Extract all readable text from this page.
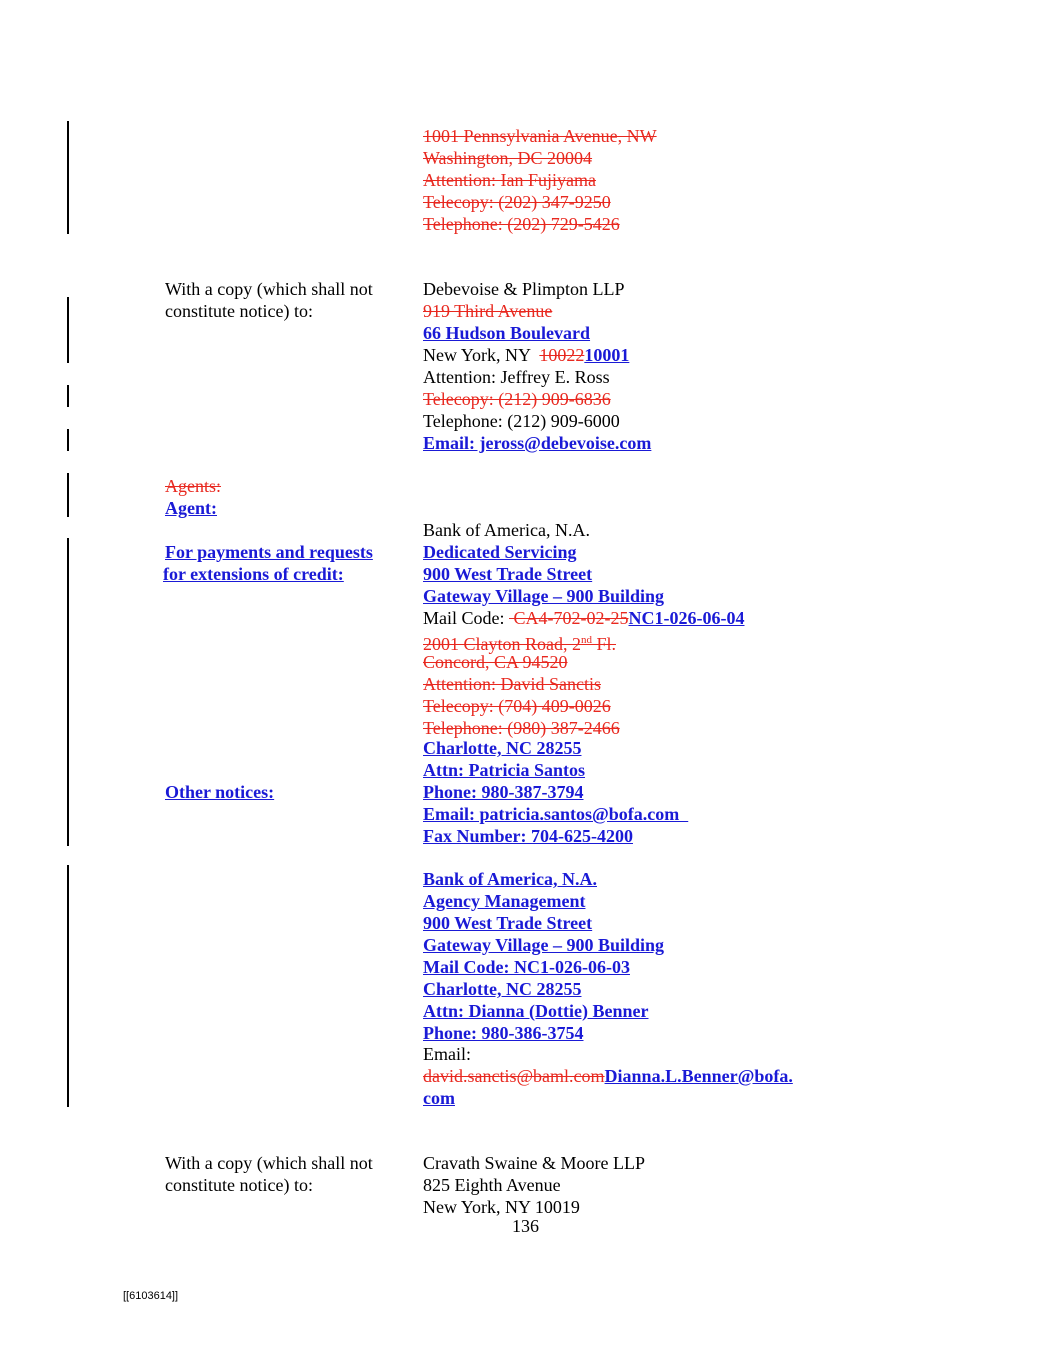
1001 Pennsylvania Avenue, NW
Washington, DC 20004
Attention: Ian Fujiyama
Telecopy: (202) 347-9250
Telephone: (202) 729-5426
With a copy (which shall not
constitute notice) to:
Debevoise & Plimpton LLP
919 Third Avenue
66 Hudson Boulevard
New York, NY  1002210001
Attention: Jeffrey E. Ross
Telecopy: (212) 909-6836
Telephone: (212) 909-6000
Email: jeross@debevoise.com
Agents:
Agent:
Bank of America, N.A.
For payments and requests
for extensions of credit:
Dedicated Servicing
900 West Trade Street
Gateway Village – 900 Building
Mail Code:  CA4-702-02-25NC1-026-06-04
2001 Clayton Road, 2nd Fl.
Concord, CA 94520
Attention: David Sanctis
Telecopy: (704) 409-0026
Telephone: (980) 387-2466
Charlotte, NC 28255
Attn: Patricia Santos
Other notices:	Phone: 980-387-3794
Email: patricia.santos@bofa.com
Fax Number: 704-625-4200
Bank of America, N.A.
Agency Management
900 West Trade Street
Gateway Village – 900 Building
Mail Code: NC1-026-06-03
Charlotte, NC 28255
Attn: Dianna (Dottie) Benner
Phone: 980-386-3754
Email:
david.sanctis@baml.comDianna.L.Benner@bofa.
com
With a copy (which shall not
constitute notice) to:
Cravath Swaine & Moore LLP
825 Eighth Avenue
New York, NY 10019
136
[[6103614]]
